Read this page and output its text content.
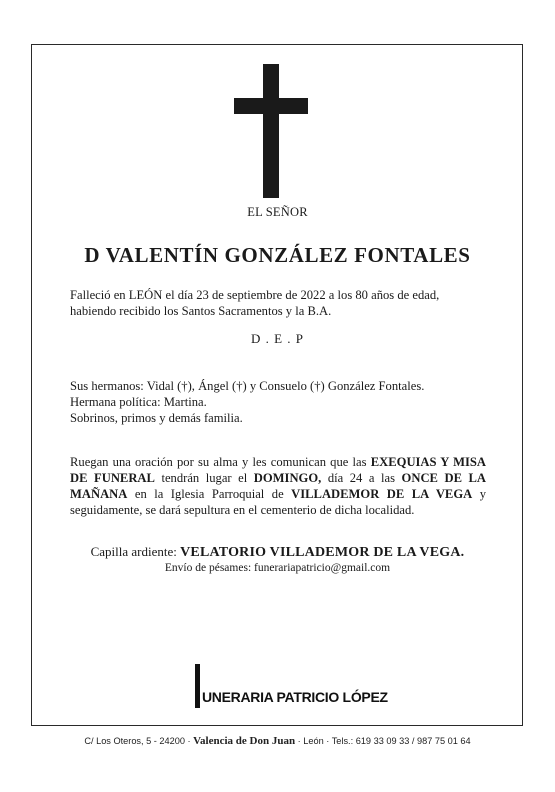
EL SEÑOR
D VALENTÍN GONZÁLEZ FONTALES

Falleció en LEÓN el día 23 de septiembre de 2022 a los 80 años de edad,
habiendo recibido los Santos Sacramentos y la B.A.

D . E . P

Sus hermanos: Vidal (†), Ángel (†) y Consuelo (†) González Fontales.
Hermana política: Martina.
Sobrinos, primos y demás familia.

Ruegan una oración por su alma y les comunican que las EXEQUIAS Y MISA DE FUNERAL tendrán lugar el DOMINGO, día 24 a las ONCE DE LA MAÑANA en la Iglesia Parroquial de VILLADEMOR DE LA VEGA y seguidamente, se dará sepultura en el cementerio de dicha localidad.

Capilla ardiente: VELATORIO VILLADEMOR DE LA VEGA.
Envío de pésames: funerariapatricio@gmail.com
UNERARIA PATRICIO LÓPEZ
C/ Los Oteros, 5 - 24200 · Valencia de Don Juan · León · Tels.: 619 33 09 33 / 987 75 01 64
